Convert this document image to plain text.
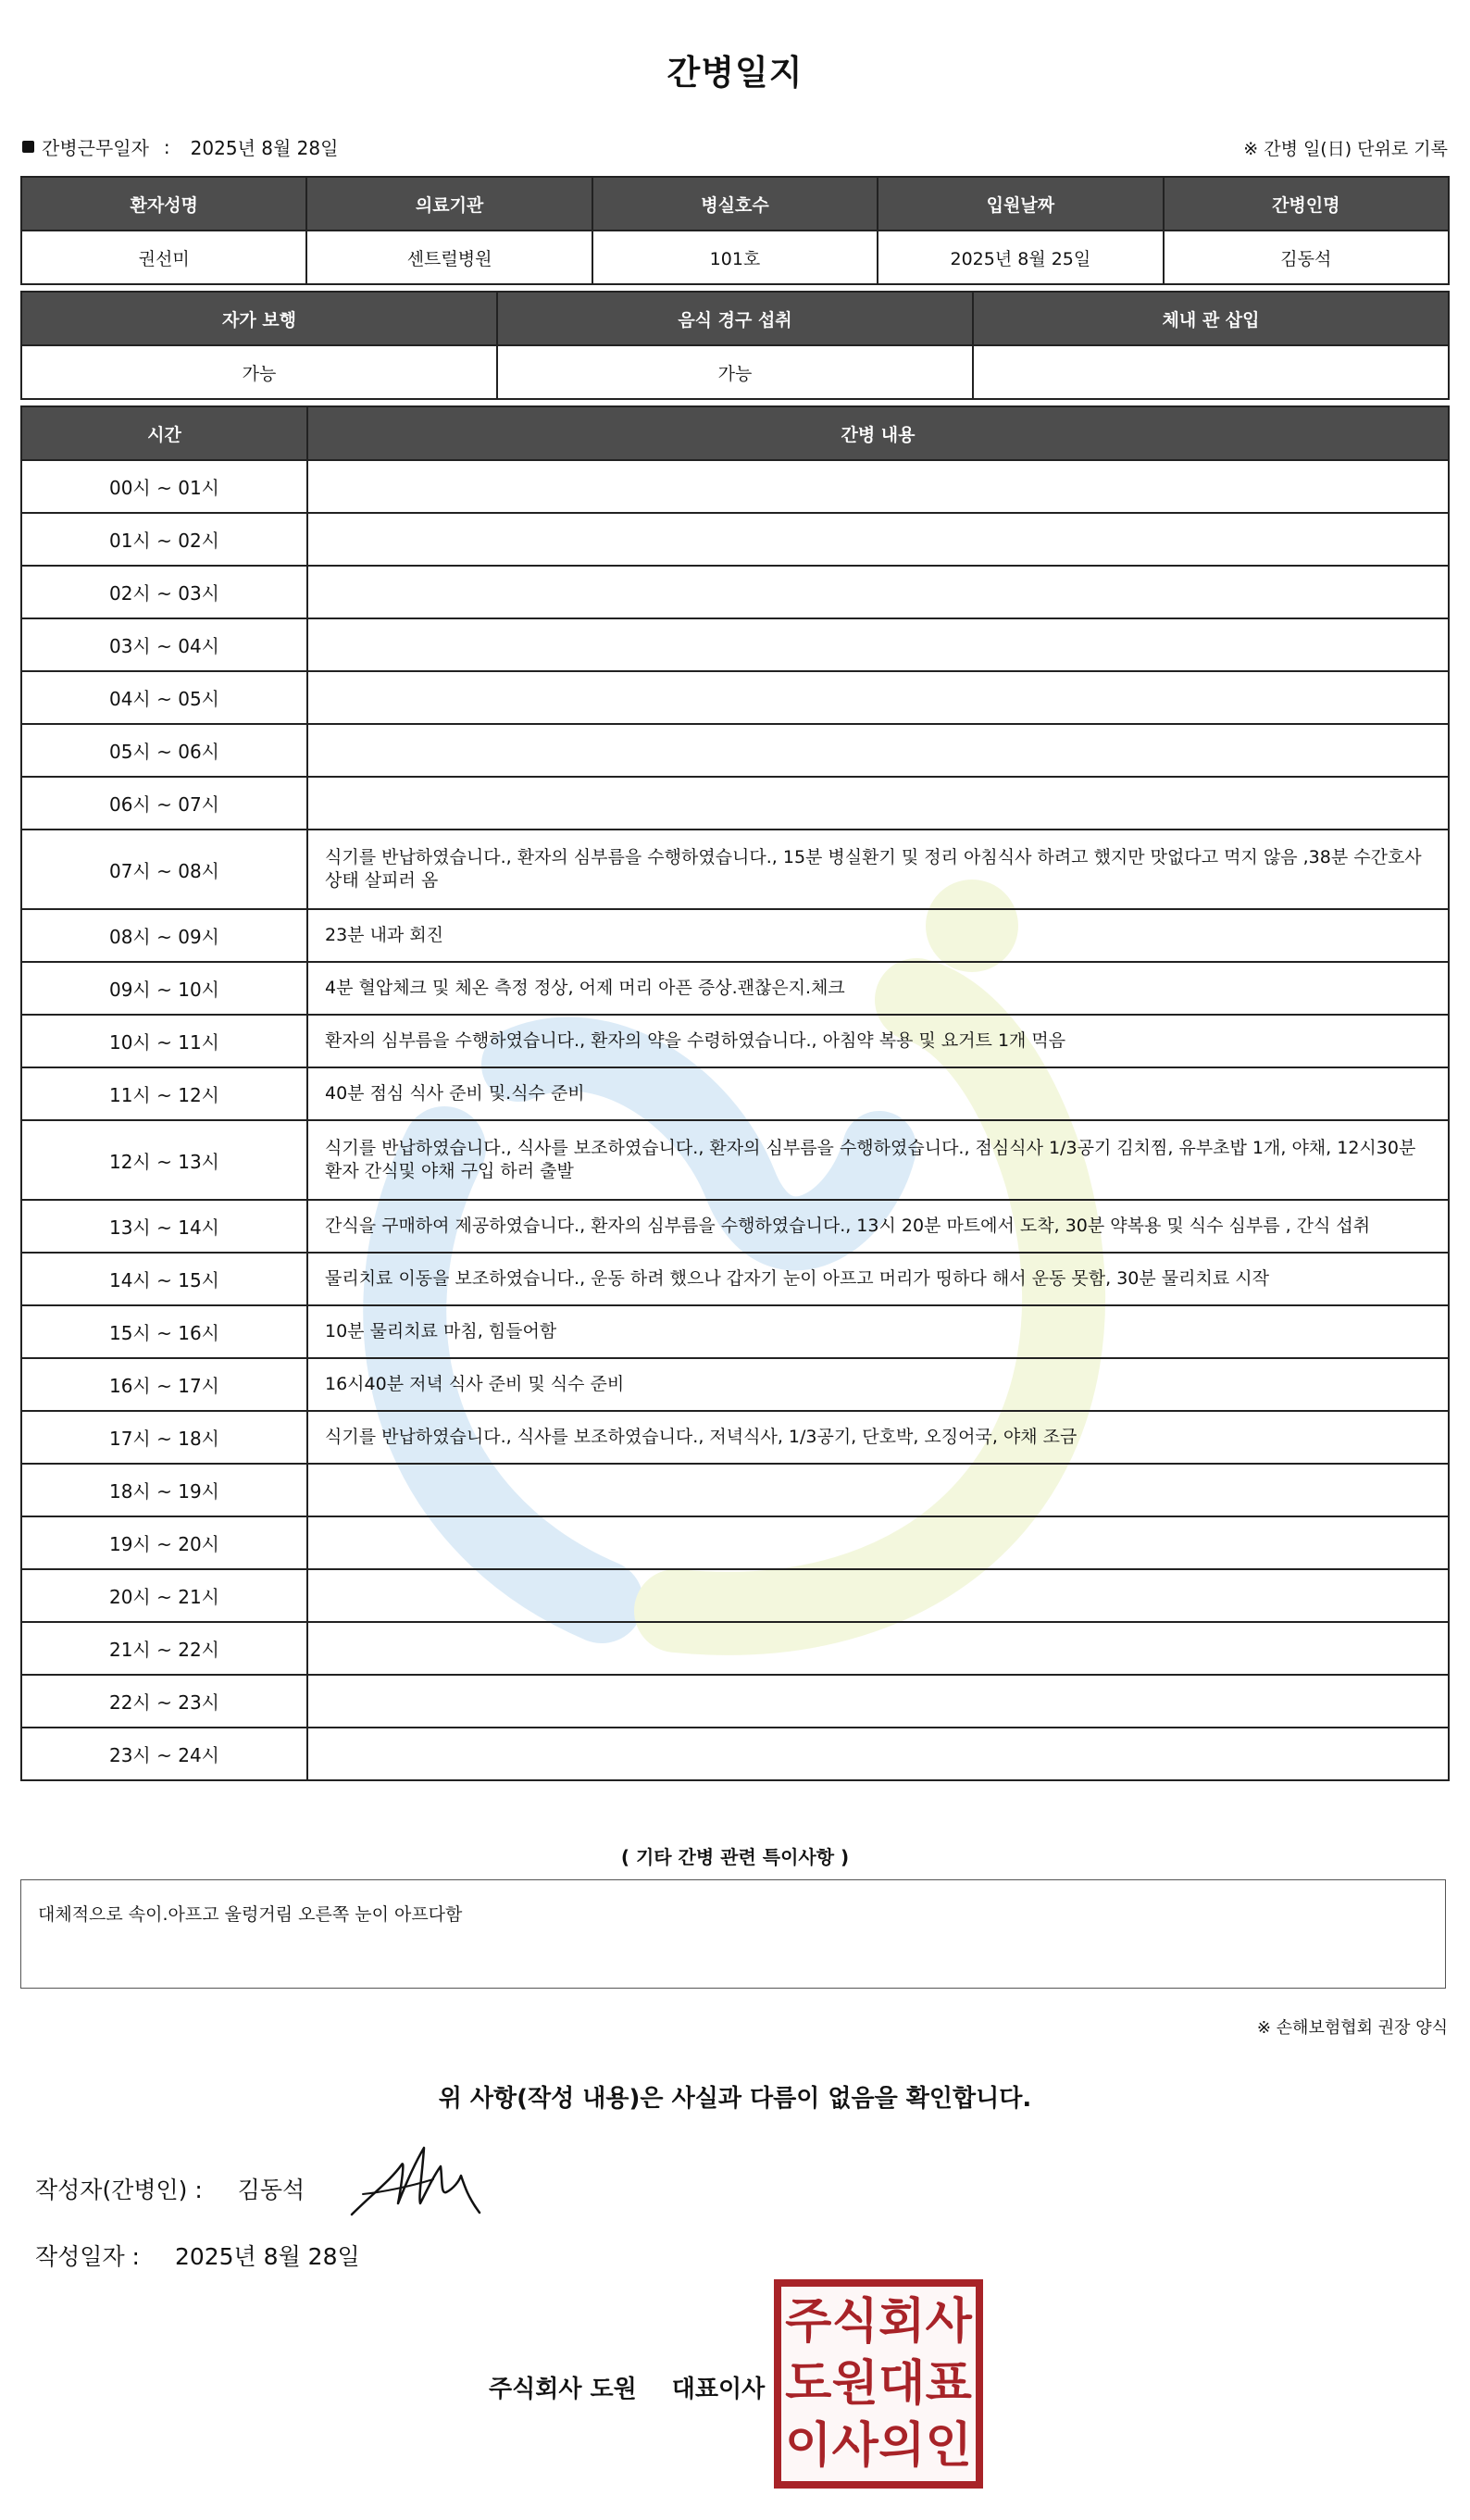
간병일지
간병근무일자 : 2025년 8월 28일	※ 간병 일(日) 단위로 기록
환자성명	의료기관	병실호수	입원날짜	간병인명
권선미	센트럴병원	101호	2025년 8월 25일	김동석
자가 보행	음식 경구 섭취	체내 관 삽입
가능	가능	
시간	간병 내용
00시 ~ 01시	
01시 ~ 02시	
02시 ~ 03시	
03시 ~ 04시	
04시 ~ 05시	
05시 ~ 06시	
06시 ~ 07시	
07시 ~ 08시	식기를 반납하였습니다., 환자의 심부름을 수행하였습니다., 15분 병실환기 및 정리 아침식사 하려고 했지만 맛없다고 먹지 않음 ,38분 수간호사 상태 살피러 옴
08시 ~ 09시	23분 내과 회진
09시 ~ 10시	4분 혈압체크 및 체온 측정 정상, 어제 머리 아픈 증상.괜찮은지.체크
10시 ~ 11시	환자의 심부름을 수행하였습니다., 환자의 약을 수령하였습니다., 아침약 복용 및 요거트 1개 먹음
11시 ~ 12시	40분 점심 식사 준비 및.식수 준비
12시 ~ 13시	식기를 반납하였습니다., 식사를 보조하였습니다., 환자의 심부름을 수행하였습니다., 점심식사 1/3공기 김치찜, 유부초밥 1개, 야채, 12시30분 환자 간식및 야채 구입 하러 출발
13시 ~ 14시	간식을 구매하여 제공하였습니다., 환자의 심부름을 수행하였습니다., 13시 20분 마트에서 도착, 30분 약복용 및 식수 심부름 , 간식 섭취
14시 ~ 15시	물리치료 이동을 보조하였습니다., 운동 하려 했으나 갑자기 눈이 아프고 머리가 띵하다 해서 운동 못함, 30분 물리치료 시작
15시 ~ 16시	10분 물리치료 마침, 힘들어함
16시 ~ 17시	16시40분 저녁 식사 준비 및 식수 준비
17시 ~ 18시	식기를 반납하였습니다., 식사를 보조하였습니다., 저녁식사, 1/3공기, 단호박, 오징어국, 야채 조금
18시 ~ 19시	
19시 ~ 20시	
20시 ~ 21시	
21시 ~ 22시	
22시 ~ 23시	
23시 ~ 24시	
( 기타 간병 관련 특이사항 )
대체적으로 속이.아프고 울렁거림 오른쪽 눈이 아프다함
※ 손해보험협회 권장 양식
위 사항(작성 내용)은 사실과 다름이 없음을 확인합니다.
작성자(간병인) : 김동석
작성일자 : 2025년 8월 28일
주식회사 도원 대표이사
주 식 회 사
도 원 대 표
이 사 의 인
